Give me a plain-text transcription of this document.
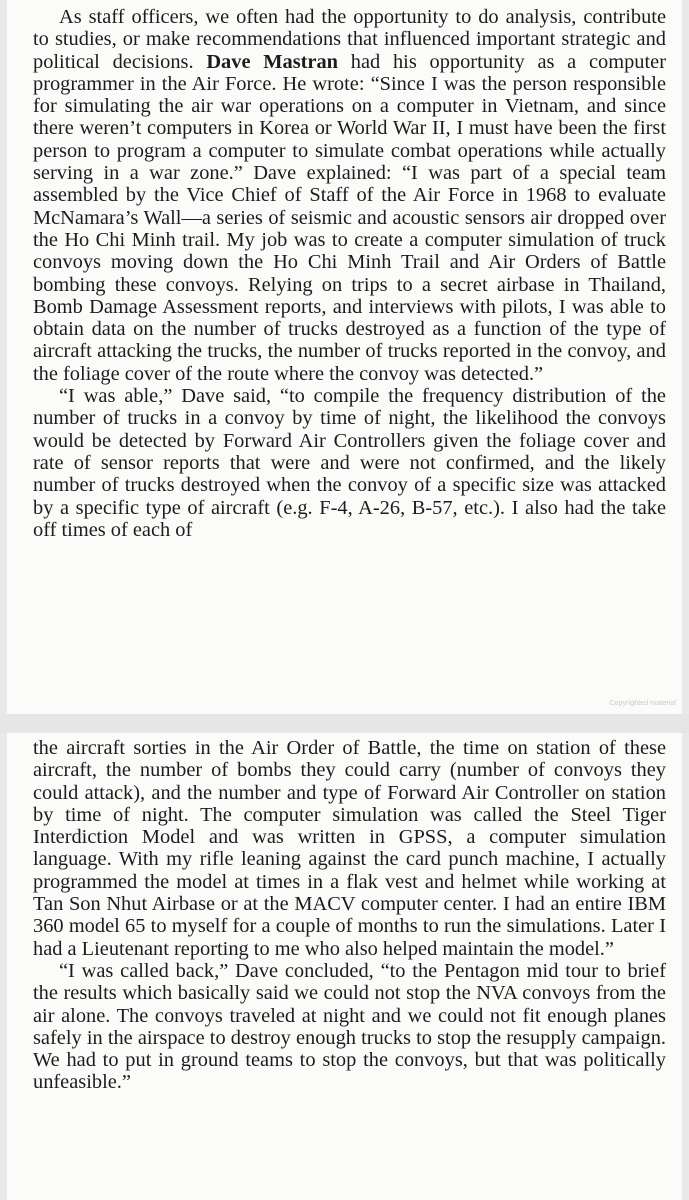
As staff officers, we often had the opportunity to do analysis, contribute to studies, or make recommendations that influenced important strategic and political decisions. Dave Mastran had his opportunity as a computer programmer in the Air Force. He wrote: “Since I was the person responsible for simulating the air war operations on a computer in Vietnam, and since there weren’t computers in Korea or World War II, I must have been the first person to program a computer to simulate combat operations while actually serving in a war zone.” Dave explained: “I was part of a special team assembled by the Vice Chief of Staff of the Air Force in 1968 to evaluate McNamara’s Wall—a series of seismic and acoustic sensors air dropped over the Ho Chi Minh trail. My job was to create a computer simulation of truck convoys moving down the Ho Chi Minh Trail and Air Orders of Battle bombing these convoys. Relying on trips to a secret airbase in Thailand, Bomb Damage Assessment reports, and interviews with pilots, I was able to obtain data on the number of trucks destroyed as a function of the type of aircraft attacking the trucks, the number of trucks reported in the convoy, and the foliage cover of the route where the convoy was detected.”

“I was able,” Dave said, “to compile the frequency distribution of the number of trucks in a convoy by time of night, the likelihood the convoys would be detected by Forward Air Controllers given the foliage cover and rate of sensor reports that were and were not confirmed, and the likely number of trucks destroyed when the convoy of a specific size was attacked by a specific type of aircraft (e.g. F-4, A-26, B-57, etc.). I also had the take off times of each of

Copyrighted material

the aircraft sorties in the Air Order of Battle, the time on station of these aircraft, the number of bombs they could carry (number of convoys they could attack), and the number and type of Forward Air Controller on station by time of night. The computer simulation was called the Steel Tiger Interdiction Model and was written in GPSS, a computer simulation language. With my rifle leaning against the card punch machine, I actually programmed the model at times in a flak vest and helmet while working at Tan Son Nhut Airbase or at the MACV computer center. I had an entire IBM 360 model 65 to myself for a couple of months to run the simulations. Later I had a Lieutenant reporting to me who also helped maintain the model.”

“I was called back,” Dave concluded, “to the Pentagon mid tour to brief the results which basically said we could not stop the NVA convoys from the air alone. The convoys traveled at night and we could not fit enough planes safely in the airspace to destroy enough trucks to stop the resupply campaign. We had to put in ground teams to stop the convoys, but that was politically unfeasible.”
